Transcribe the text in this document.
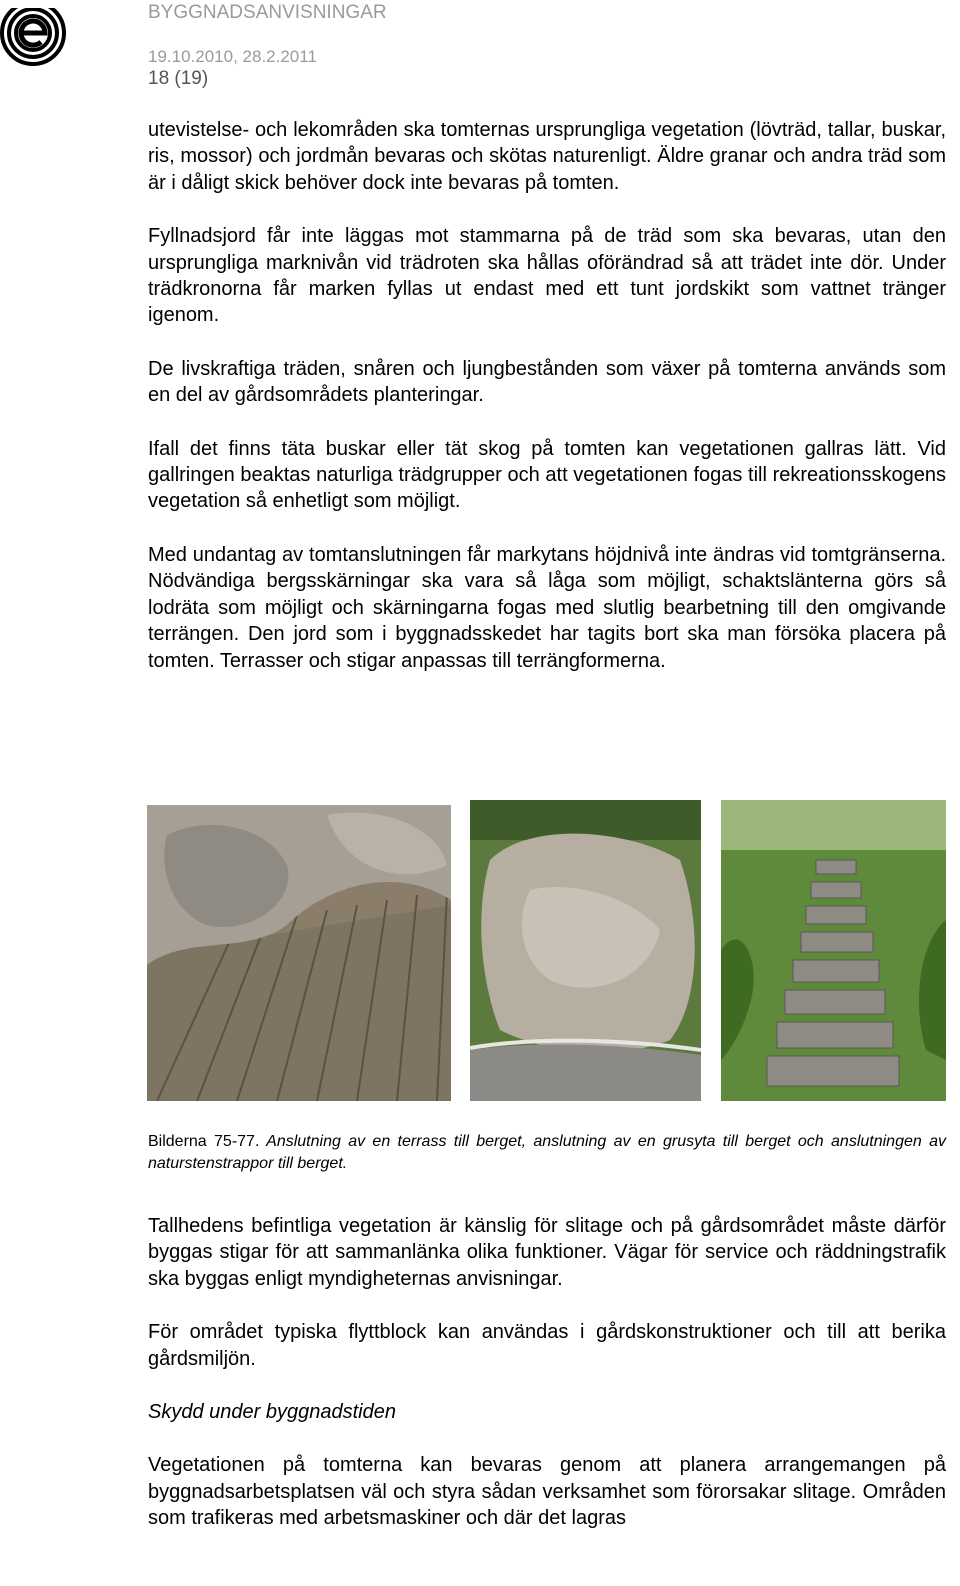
BYGGNADSANVISNINGAR
19.10.2010, 28.2.2011
18 (19)

utevistelse- och lekområden ska tomternas ursprungliga vegetation (lövträd, tallar, buskar, ris, mossor) och jordmån bevaras och skötas naturenligt. Äldre granar och andra träd som är i dåligt skick behöver dock inte bevaras på tomten.

Fyllnadsjord får inte läggas mot stammarna på de träd som ska bevaras, utan den ursprungliga marknivån vid trädroten ska hållas oförändrad så att trädet inte dör. Under trädkronorna får marken fyllas ut endast med ett tunt jordskikt som vattnet tränger igenom.

De livskraftiga träden, snåren och ljungbestånden som växer på tomterna används som en del av gårdsområdets planteringar.

Ifall det finns täta buskar eller tät skog på tomten kan vegetationen gallras lätt. Vid gallringen beaktas naturliga trädgrupper och att vegetationen fogas till rekreationsskogens vegetation så enhetligt som möjligt.

Med undantag av tomtanslutningen får markytans höjdnivå inte ändras vid tomtgränserna. Nödvändiga bergsskärningar ska vara så låga som möjligt, schaktslänterna görs så lodräta som möjligt och skärningarna fogas med slutlig bearbetning till den omgivande terrängen. Den jord som i byggnadsskedet har tagits bort ska man försöka placera på tomten. Terrasser och stigar anpassas till terrängformerna.

Bilderna 75-77. Anslutning av en terrass till berget, anslutning av en grusyta till berget och anslutningen av naturstenstrappor till berget.

Tallhedens befintliga vegetation är känslig för slitage och på gårdsområdet måste därför byggas stigar för att sammanlänka olika funktioner. Vägar för service och räddningstrafik ska byggas enligt myndigheternas anvisningar.

För området typiska flyttblock kan användas i gårdskonstruktioner och till att berika gårdsmiljön.

Skydd under byggnadstiden

Vegetationen på tomterna kan bevaras genom att planera arrangemangen på byggnadsarbetsplatsen väl och styra sådan verksamhet som förorsakar slitage. Områden som trafikeras med arbetsmaskiner och där det lagras
